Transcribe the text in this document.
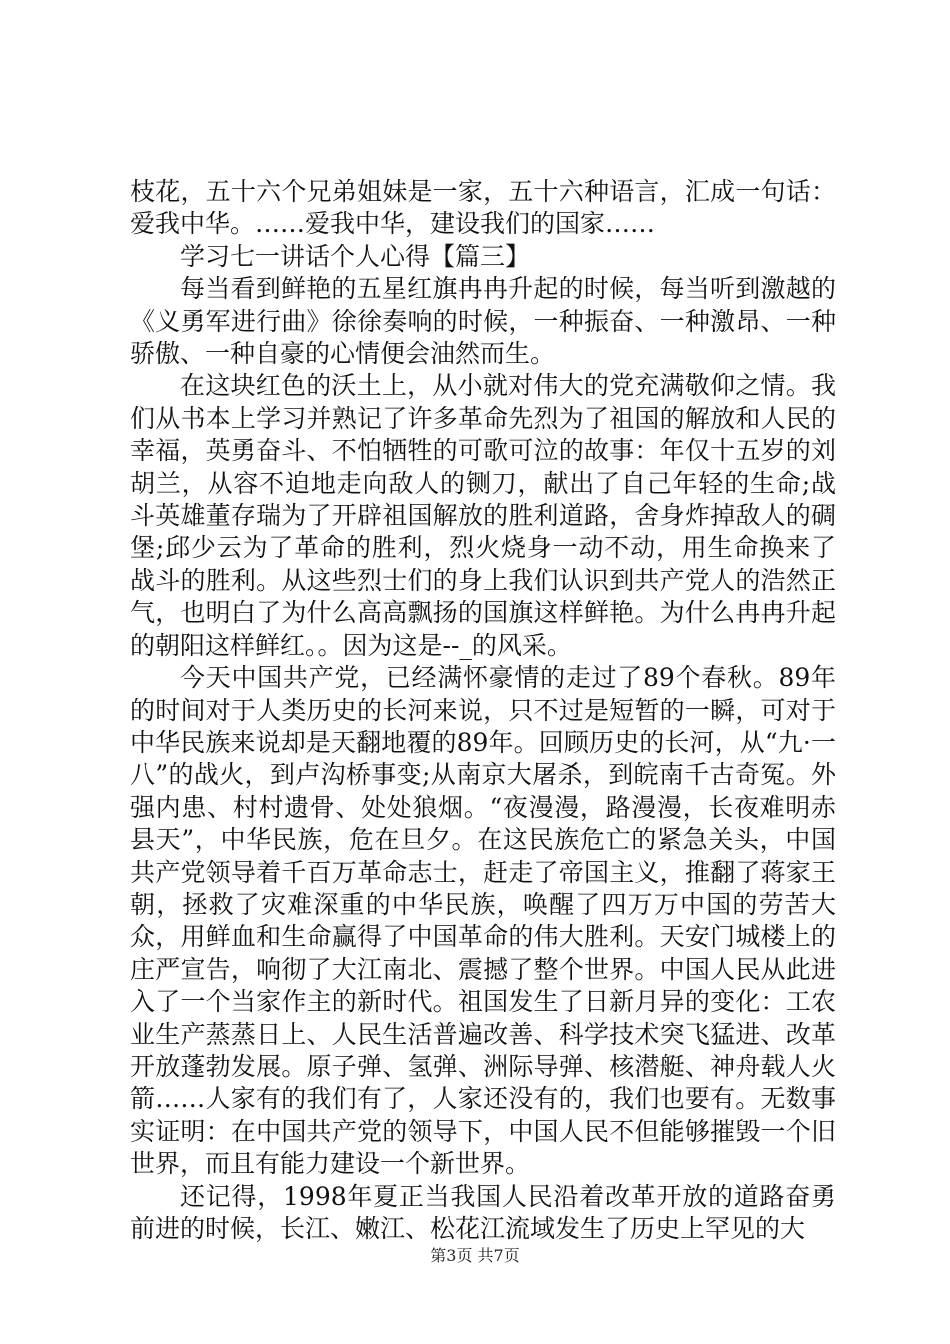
枝花，五十六个兄弟姐妹是一家，五十六种语言，汇成一句话：爱我中华。……爱我中华，建设我们的国家……

学习七一讲话个人心得【篇三】

每当看到鲜艳的五星红旗冉冉升起的时候，每当听到激越的《义勇军进行曲》徐徐奏响的时候，一种振奋、一种激昂、一种骄傲、一种自豪的心情便会油然而生。

在这块红色的沃土上，从小就对伟大的党充满敬仰之情。我们从书本上学习并熟记了许多革命先烈为了祖国的解放和人民的幸福，英勇奋斗、不怕牺牲的可歌可泣的故事：年仅十五岁的刘胡兰，从容不迫地走向敌人的铡刀，献出了自己年轻的生命;战斗英雄董存瑞为了开辟祖国解放的胜利道路，舍身炸掉敌人的碉堡;邱少云为了革命的胜利，烈火烧身一动不动，用生命换来了战斗的胜利。从这些烈士们的身上我们认识到共产党人的浩然正气，也明白了为什么高高飘扬的国旗这样鲜艳。为什么冉冉升起的朝阳这样鲜红。。因为这是--_的风采。

今天中国共产党，已经满怀豪情的走过了89个春秋。89年的时间对于人类历史的长河来说，只不过是短暂的一瞬，可对于中华民族来说却是天翻地覆的89年。回顾历史的长河，从“九·一八”的战火，到卢沟桥事变;从南京大屠杀，到皖南千古奇冤。外强内患、村村遗骨、处处狼烟。“夜漫漫，路漫漫，长夜难明赤县天”，中华民族，危在旦夕。在这民族危亡的紧急关头，中国共产党领导着千百万革命志士，赶走了帝国主义，推翻了蒋家王朝，拯救了灾难深重的中华民族，唤醒了四万万中国的劳苦大众，用鲜血和生命赢得了中国革命的伟大胜利。天安门城楼上的庄严宣告，响彻了大江南北、震撼了整个世界。中国人民从此进入了一个当家作主的新时代。祖国发生了日新月异的变化：工农业生产蒸蒸日上、人民生活普遍改善、科学技术突飞猛进、改革开放蓬勃发展。原子弹、氢弹、洲际导弹、核潜艇、神舟载人火箭……人家有的我们有了，人家还没有的，我们也要有。无数事实证明：在中国共产党的领导下，中国人民不但能够摧毁一个旧世界，而且有能力建设一个新世界。

还记得，1998年夏正当我国人民沿着改革开放的道路奋勇前进的时候，长江、嫩江、松花江流域发生了历史上罕见的大

第3页 共7页
